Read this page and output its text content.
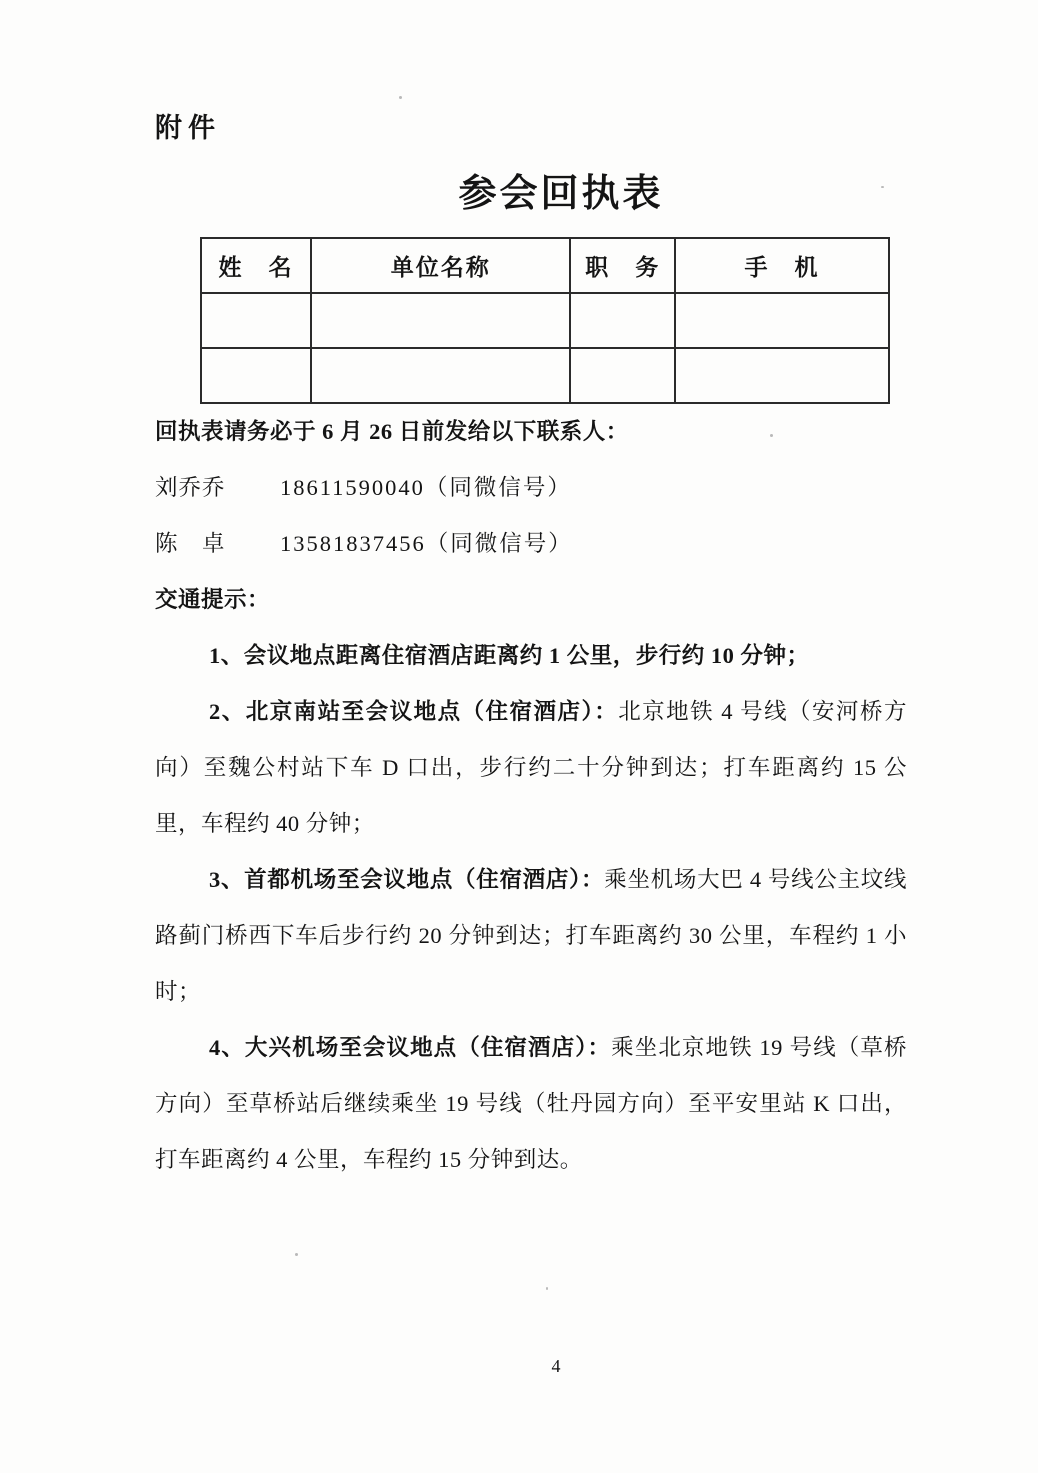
附件
参会回执表
姓　名	单位名称	职　务	手　机

回执表请务必于 6 月 26 日前发给以下联系人：

刘乔乔 18611590040（同微信号）

陈　卓 13581837456（同微信号）

交通提示：

1、会议地点距离住宿酒店距离约 1 公里，步行约 10 分钟；

2、北京南站至会议地点（住宿酒店）：北京地铁 4 号线（安河桥方向）至魏公村站下车 D 口出，步行约二十分钟到达；打车距离约 15 公里，车程约 40 分钟；

3、首都机场至会议地点（住宿酒店）：乘坐机场大巴 4 号线公主坟线路蓟门桥西下车后步行约 20 分钟到达；打车距离约 30 公里，车程约 1 小时；

4、大兴机场至会议地点（住宿酒店）：乘坐北京地铁 19 号线（草桥方向）至草桥站后继续乘坐 19 号线（牡丹园方向）至平安里站 K 口出，打车距离约 4 公里，车程约 15 分钟到达。

4
